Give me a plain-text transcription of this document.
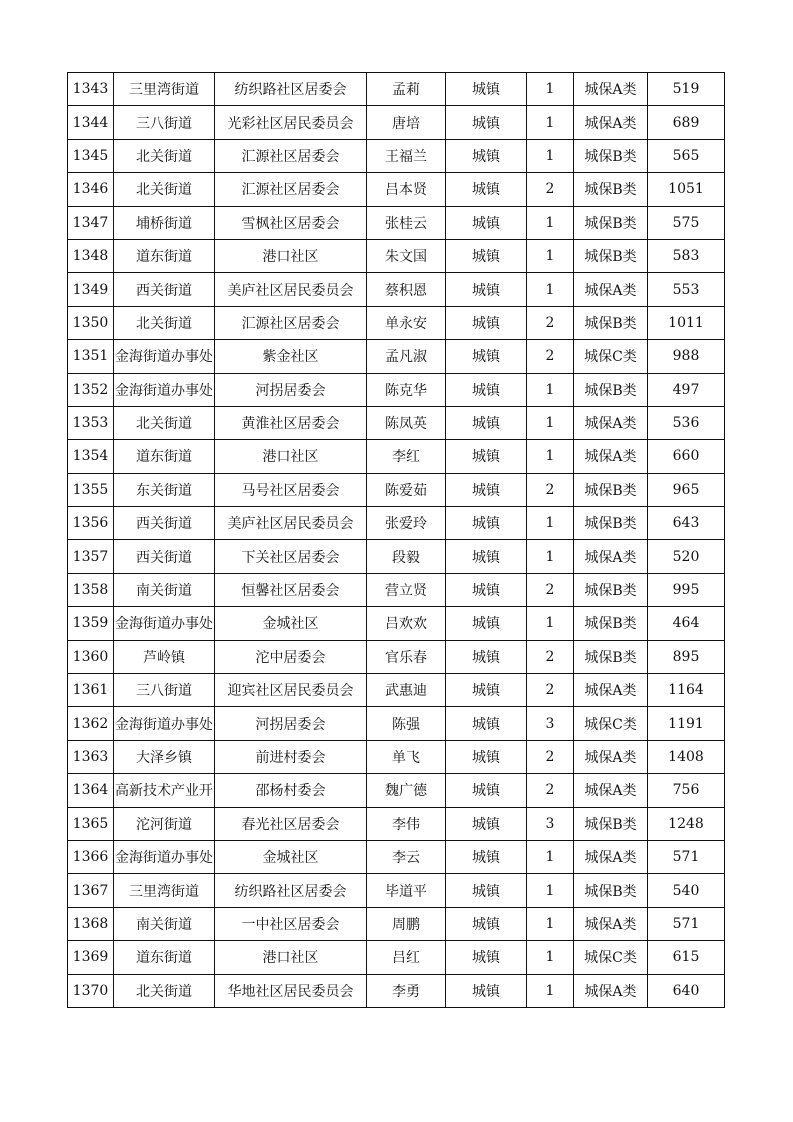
1343	三里湾街道	纺织路社区居委会	孟莉	城镇	1	城保A类	519
1344	三八街道	光彩社区居民委员会	唐培	城镇	1	城保A类	689
1345	北关街道	汇源社区居委会	王福兰	城镇	1	城保B类	565
1346	北关街道	汇源社区居委会	吕本贤	城镇	2	城保B类	1051
1347	埔桥街道	雪枫社区居委会	张桂云	城镇	1	城保B类	575
1348	道东街道	港口社区	朱文国	城镇	1	城保B类	583
1349	西关街道	美庐社区居民委员会	蔡积恩	城镇	1	城保A类	553
1350	北关街道	汇源社区居委会	单永安	城镇	2	城保B类	1011
1351	金海街道办事处	紫金社区	孟凡淑	城镇	2	城保C类	988
1352	金海街道办事处	河拐居委会	陈克华	城镇	1	城保B类	497
1353	北关街道	黄淮社区居委会	陈凤英	城镇	1	城保A类	536
1354	道东街道	港口社区	李红	城镇	1	城保A类	660
1355	东关街道	马号社区居委会	陈爱茹	城镇	2	城保B类	965
1356	西关街道	美庐社区居民委员会	张爱玲	城镇	1	城保B类	643
1357	西关街道	下关社区居委会	段毅	城镇	1	城保A类	520
1358	南关街道	恒馨社区居委会	营立贤	城镇	2	城保B类	995
1359	金海街道办事处	金城社区	吕欢欢	城镇	1	城保B类	464
1360	芦岭镇	沱中居委会	官乐春	城镇	2	城保B类	895
1361	三八街道	迎宾社区居民委员会	武惠迪	城镇	2	城保A类	1164
1362	金海街道办事处	河拐居委会	陈强	城镇	3	城保C类	1191
1363	大泽乡镇	前进村委会	单飞	城镇	2	城保A类	1408
1364	高新技术产业开	邵杨村委会	魏广德	城镇	2	城保A类	756
1365	沱河街道	春光社区居委会	李伟	城镇	3	城保B类	1248
1366	金海街道办事处	金城社区	李云	城镇	1	城保A类	571
1367	三里湾街道	纺织路社区居委会	毕道平	城镇	1	城保B类	540
1368	南关街道	一中社区居委会	周鹏	城镇	1	城保A类	571
1369	道东街道	港口社区	吕红	城镇	1	城保C类	615
1370	北关街道	华地社区居民委员会	李勇	城镇	1	城保A类	640
